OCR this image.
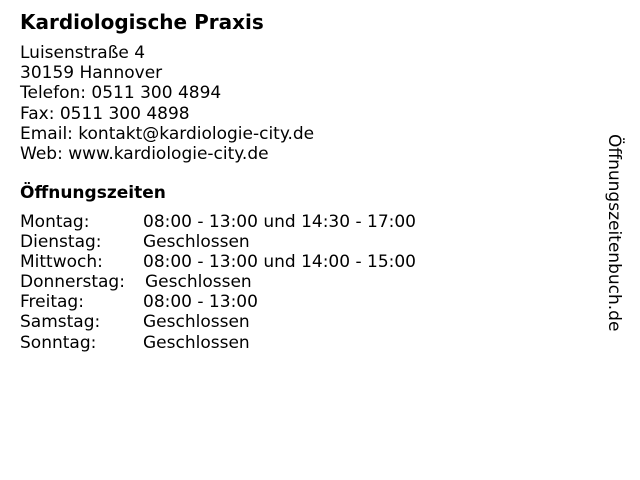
Kardiologische Praxis
Luisenstraße 4
30159 Hannover
Telefon: 0511 300 4894
Fax: 0511 300 4898
Email: kontakt@kardiologie-city.de
Web: www.kardiologie-city.de
Öffnungszeiten
Montag:	08:00 - 13:00 und 14:30 - 17:00
Dienstag: Geschlossen
Mittwoch: 08:00 - 13:00 und 14:00 - 15:00
Donnerstag: Geschlossen
Freitag:	08:00 - 13:00
Samstag:	Geschlossen
Sonntag:	Geschlossen
Öffnungszeitenbuch.de
